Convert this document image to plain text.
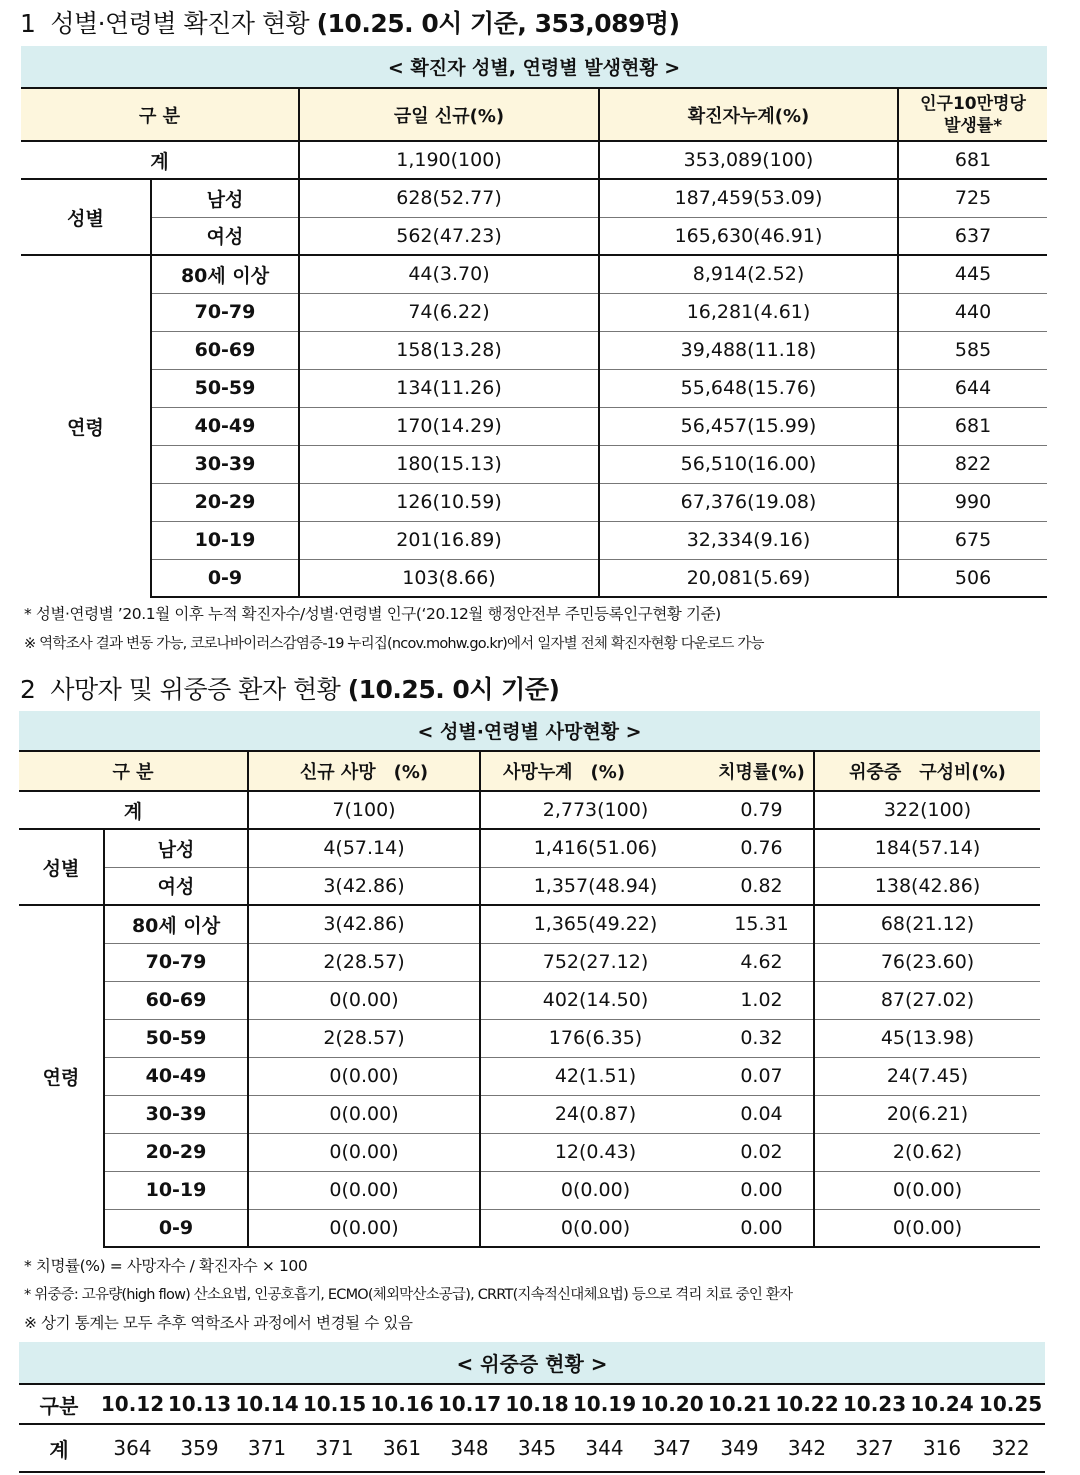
1 성별·연령별 확진자 현황 (10.25. 0시 기준, 353,089명)
< 확진자 성별, 연령별 발생현황 >				
구 분		금일 신규(%)	확진자누계(%)	인구10만명당
발생률*

계		1,190(100)	353,089(100)	681
성별	남성	628(52.77)	187,459(53.09)	725
	여성	562(47.23)	165,630(46.91)	637
연령	80세 이상	44(3.70)	8,914(2.52)	445
	70-79	74(6.22)	16,281(4.61)	440
	60-69	158(13.28)	39,488(11.18)	585
	50-59	134(11.26)	55,648(15.76)	644
	40-49	170(14.29)	56,457(15.99)	681
	30-39	180(15.13)	56,510(16.00)	822
	20-29	126(10.59)	67,376(19.08)	990
	10-19	201(16.89)	32,334(9.16)	675
	0-9	103(8.66)	20,081(5.69)	506
* 성별·연령별 ’20.1월 이후 누적 확진자수/성별·연령별 인구(‘20.12월 행정안전부 주민등록인구현황 기준)
※ 역학조사 결과 변동 가능, 코로나바이러스감염증-19 누리집(ncov.mohw.go.kr)에서 일자별 전체 확진자현황 다운로드 가능
2 사망자 및 위중증 환자 현황 (10.25. 0시 기준)
< 성별·연령별 사망현황 >					
구 분		신규 사망　(%)	사망누계　(%)	치명률(%)	위중증　구성비(%)
계		7(100)	2,773(100)	0.79	322(100)
성별	남성	4(57.14)	1,416(51.06)	0.76	184(57.14)
	여성	3(42.86)	1,357(48.94)	0.82	138(42.86)
연령	80세 이상	3(42.86)	1,365(49.22)	15.31	68(21.12)
	70-79	2(28.57)	752(27.12)	4.62	76(23.60)
	60-69	0(0.00)	402(14.50)	1.02	87(27.02)
	50-59	2(28.57)	176(6.35)	0.32	45(13.98)
	40-49	0(0.00)	42(1.51)	0.07	24(7.45)
	30-39	0(0.00)	24(0.87)	0.04	20(6.21)
	20-29	0(0.00)	12(0.43)	0.02	2(0.62)
	10-19	0(0.00)	0(0.00)	0.00	0(0.00)
	0-9	0(0.00)	0(0.00)	0.00	0(0.00)
* 치명률(%) = 사망자수 / 확진자수 × 100
* 위중증: 고유량(high flow) 산소요법, 인공호흡기, ECMO(체외막산소공급), CRRT(지속적신대체요법) 등으로 격리 치료 중인 환자
※ 상기 통계는 모두 추후 역학조사 과정에서 변경될 수 있음
< 위중증 현황 >														
구분	10.12	10.13	10.14	10.15	10.16	10.17	10.18	10.19	10.20	10.21	10.22	10.23	10.24	10.25
계	364	359	371	371	361	348	345	344	347	349	342	327	316	322
